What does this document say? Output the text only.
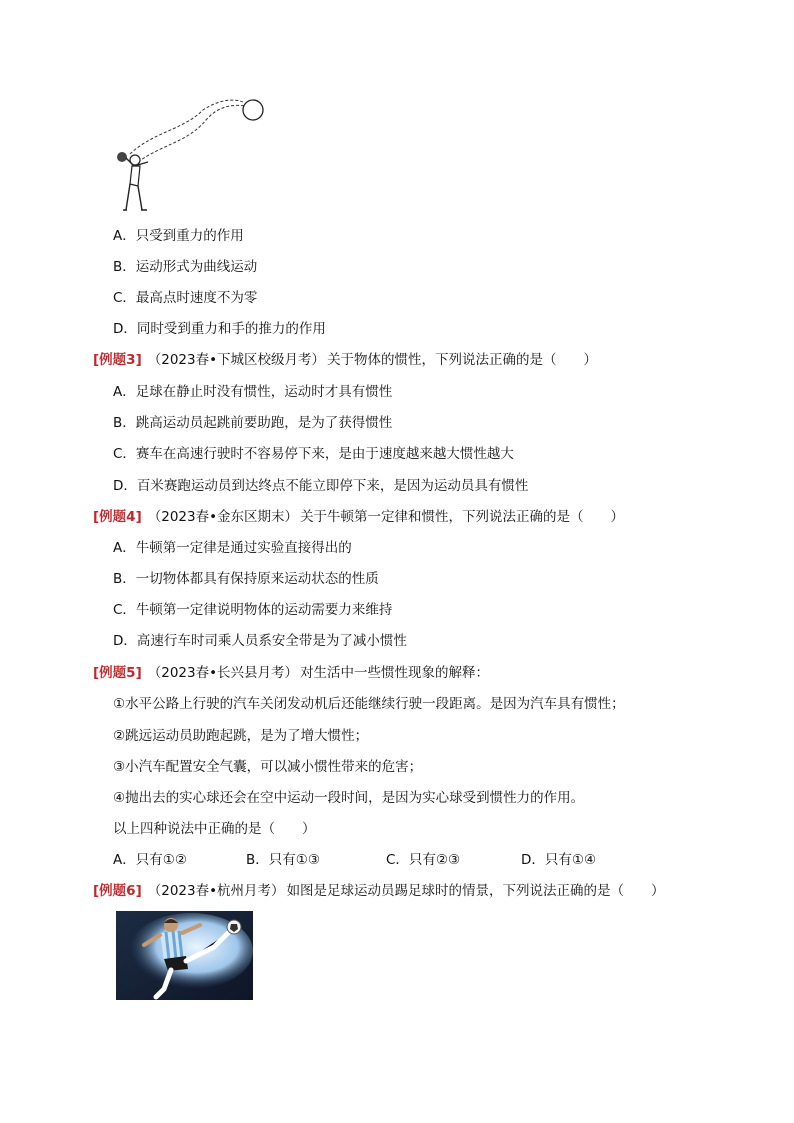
A．只受到重力的作用
B．运动形式为曲线运动
C．最高点时速度不为零
D．同时受到重力和手的推力的作用
[例题3] （2023春•下城区校级月考） 关于物体的惯性，下列说法正确的是（　　）
A．足球在静止时没有惯性，运动时才具有惯性
B．跳高运动员起跳前要助跑，是为了获得惯性
C．赛车在高速行驶时不容易停下来，是由于速度越来越大惯性越大
D．百米赛跑运动员到达终点不能立即停下来，是因为运动员具有惯性
[例题4] （2023春•金东区期末） 关于牛顿第一定律和惯性，下列说法正确的是（　　）
A．牛顿第一定律是通过实验直接得出的
B．一切物体都具有保持原来运动状态的性质
C．牛顿第一定律说明物体的运动需要力来维持
D．高速行车时司乘人员系安全带是为了减小惯性
[例题5] （2023春•长兴县月考） 对生活中一些惯性现象的解释：
①水平公路上行驶的汽车关闭发动机后还能继续行驶一段距离。是因为汽车具有惯性；
②跳远运动员助跑起跳，是为了增大惯性；
③小汽车配置安全气囊，可以减小惯性带来的危害；
④抛出去的实心球还会在空中运动一段时间，是因为实心球受到惯性力的作用。
以上四种说法中正确的是（　　）
A．只有①②	B．只有①③	C．只有②③	D．只有①④
[例题6] （2023春•杭州月考） 如图是足球运动员踢足球时的情景，下列说法正确的是（　　）
